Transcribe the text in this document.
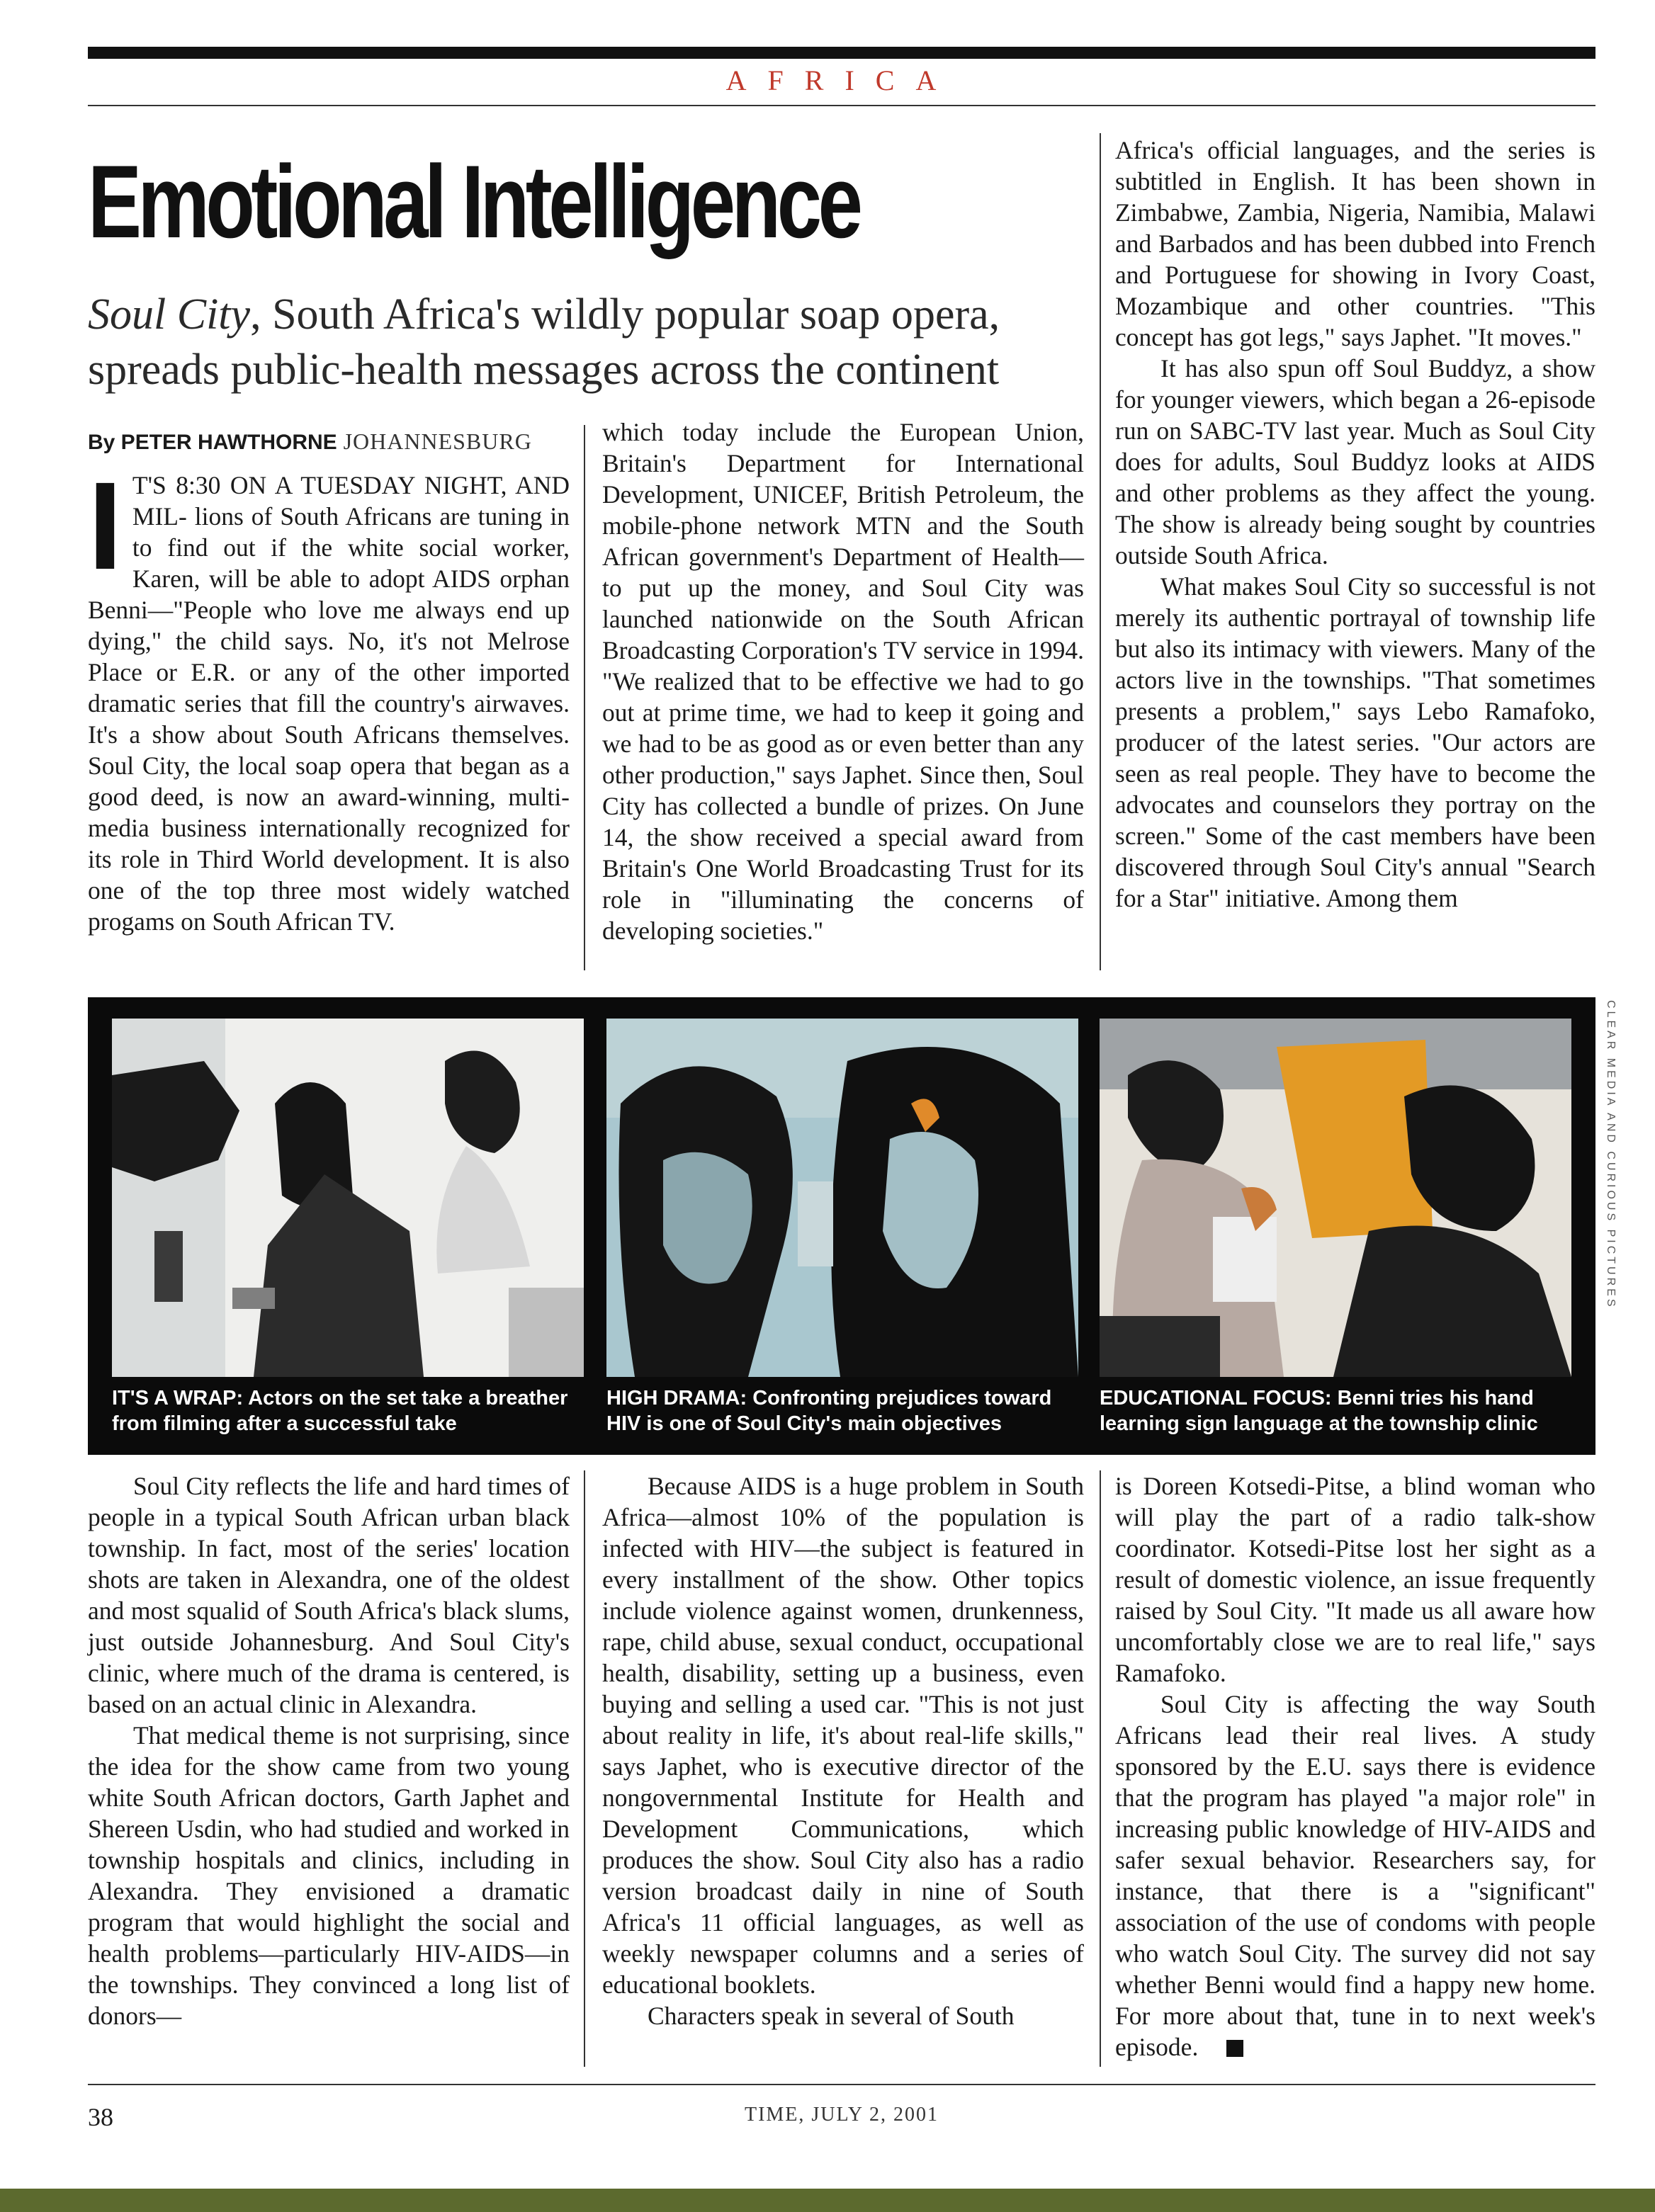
AFRICA
Emotional Intelligence
Soul City, South Africa's wildly popular soap opera, spreads public-health messages across the continent

By PETER HAWTHORNE JOHANNESBURG

I T'S 8:30 ON A TUESDAY NIGHT, AND MIL- lions of South Africans are tuning in to find out if the white social worker, Karen, will be able to adopt AIDS orphan Benni—"People who love me always end up dying," the child says. No, it's not Melrose Place or E.R. or any of the other imported dramatic series that fill the country's airwaves. It's a show about South Africans themselves. Soul City, the local soap opera that began as a good deed, is now an award-winning, multi-media business internationally recognized for its role in Third World development. It is also one of the top three most widely watched progams on South African TV.

which today include the European Union, Britain's Department for International Development, UNICEF, British Petroleum, the mobile-phone network MTN and the South African government's Department of Health—to put up the money, and Soul City was launched nationwide on the South African Broadcasting Corporation's TV service in 1994. "We realized that to be effective we had to go out at prime time, we had to keep it going and we had to be as good as or even better than any other production," says Japhet. Since then, Soul City has collected a bundle of prizes. On June 14, the show received a special award from Britain's One World Broadcasting Trust for its role in "illuminating the concerns of developing societies."

Africa's official languages, and the series is subtitled in English. It has been shown in Zimbabwe, Zambia, Nigeria, Namibia, Malawi and Barbados and has been dubbed into French and Portuguese for showing in Ivory Coast, Mozambique and other countries. "This concept has got legs," says Japhet. "It moves."

It has also spun off Soul Buddyz, a show for younger viewers, which began a 26-episode run on SABC-TV last year. Much as Soul City does for adults, Soul Buddyz looks at AIDS and other problems as they affect the young. The show is already being sought by countries outside South Africa.

What makes Soul City so successful is not merely its authentic portrayal of township life but also its intimacy with viewers. Many of the actors live in the townships. "That sometimes presents a problem," says Lebo Ramafoko, producer of the latest series. "Our actors are seen as real people. They have to become the advocates and counselors they portray on the screen." Some of the cast members have been discovered through Soul City's annual "Search for a Star" initiative. Among them

IT'S A WRAP: Actors on the set take a breather from filming after a successful take
HIGH DRAMA: Confronting prejudices toward HIV is one of Soul City's main objectives
EDUCATIONAL FOCUS: Benni tries his hand learning sign language at the township clinic
CLEAR MEDIA AND CURIOUS PICTURES

Soul City reflects the life and hard times of people in a typical South African urban black township. In fact, most of the series' location shots are taken in Alexandra, one of the oldest and most squalid of South Africa's black slums, just outside Johannesburg. And Soul City's clinic, where much of the drama is centered, is based on an actual clinic in Alexandra.

That medical theme is not surprising, since the idea for the show came from two young white South African doctors, Garth Japhet and Shereen Usdin, who had studied and worked in township hospitals and clinics, including in Alexandra. They envisioned a dramatic program that would highlight the social and health problems—particularly HIV-AIDS—in the townships. They convinced a long list of donors—

Because AIDS is a huge problem in South Africa—almost 10% of the population is infected with HIV—the subject is featured in every installment of the show. Other topics include violence against women, drunkenness, rape, child abuse, sexual conduct, occupational health, disability, setting up a business, even buying and selling a used car. "This is not just about reality in life, it's about real-life skills," says Japhet, who is executive director of the nongovernmental Institute for Health and Development Communications, which produces the show. Soul City also has a radio version broadcast daily in nine of South Africa's 11 official languages, as well as weekly newspaper columns and a series of educational booklets.

Characters speak in several of South

is Doreen Kotsedi-Pitse, a blind woman who will play the part of a radio talk-show coordinator. Kotsedi-Pitse lost her sight as a result of domestic violence, an issue frequently raised by Soul City. "It made us all aware how uncomfortably close we are to real life," says Ramafoko.

Soul City is affecting the way South Africans lead their real lives. A study sponsored by the E.U. says there is evidence that the program has played "a major role" in increasing public knowledge of HIV-AIDS and safer sexual behavior. Researchers say, for instance, that there is a "significant" association of the use of condoms with people who watch Soul City. The survey did not say whether Benni would find a happy new home. For more about that, tune in to next week's episode.

38	TIME, JULY 2, 2001
